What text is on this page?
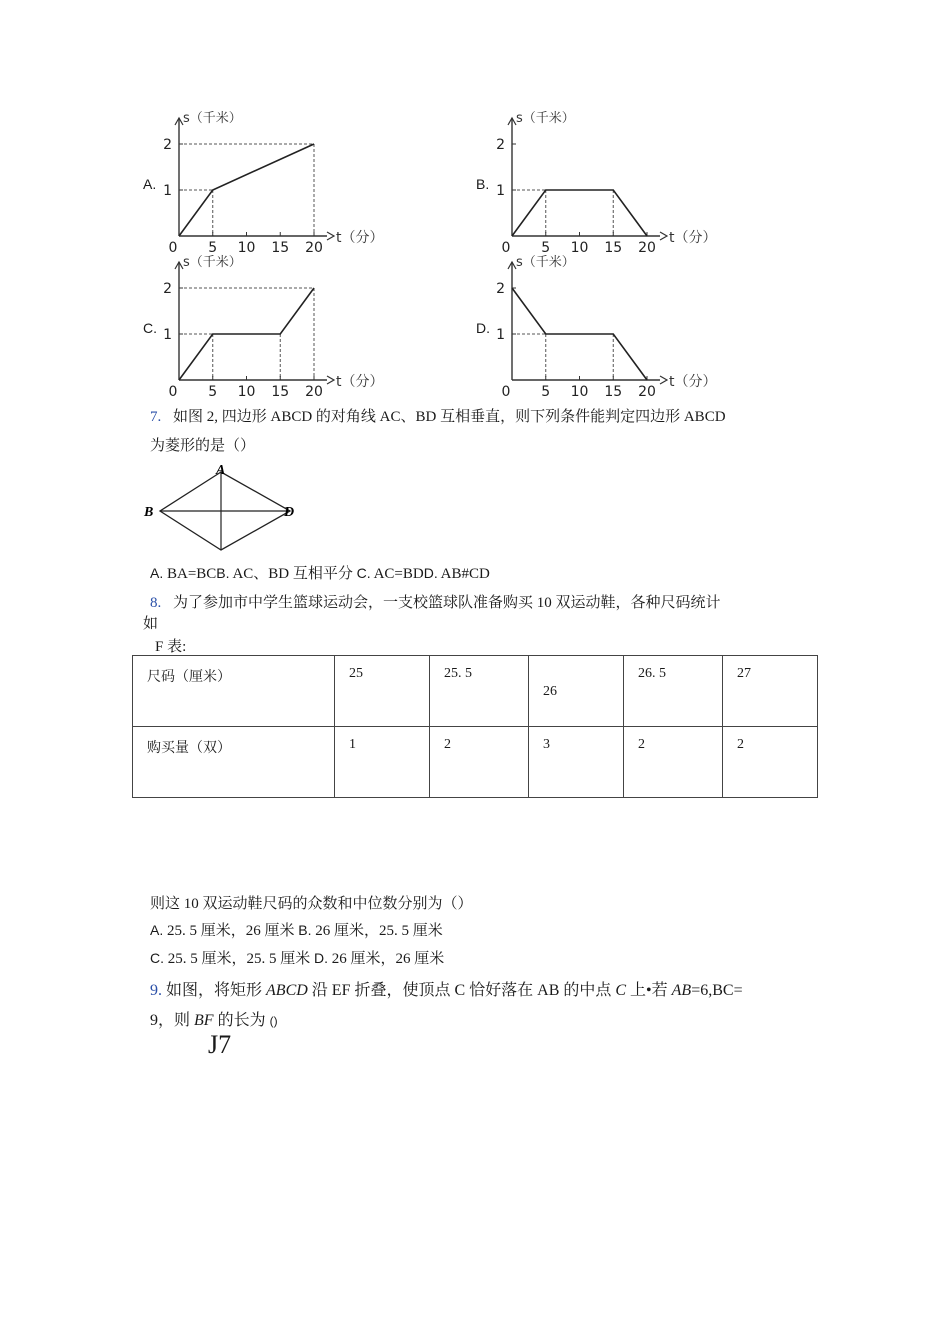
A.
0 5 10 15 20
1
2
s（千米）
t（分）
B.
0 5 10 15 20
1
2
s（千米）
t（分）
C.
0 5 10 15 20
1
2
s（千米）
t（分）
D.
0 5 10 15 20
1
2
s（千米）
t（分）
7. 如图 2, 四边形 ABCD 的对角线 AC、BD 互相垂直，则下列条件能判定四边形 ABCD
为菱形的是（）
A
B	D
A. BA=BCB. AC、BD 互相平分 C. AC=BDD. AB#CD
8. 为了参加市中学生篮球运动会，一支校篮球队准备购买 10 双运动鞋，各种尺码统计
如
F 表:
尺码（厘米）	25	25. 5	26	26. 5	27
购买量（双）	1	2	3	2	2
则这 10 双运动鞋尺码的众数和中位数分别为（）
A. 25. 5 厘米，26 厘米 B. 26 厘米，25. 5 厘米
C. 25. 5 厘米，25. 5 厘米 D. 26 厘米，26 厘米
9. 如图，将矩形 ABCD 沿 EF 折叠，使顶点 C 恰好落在 AB 的中点 C 上•若 AB=6,BC=
9，则 BF 的长为 ()
J7
